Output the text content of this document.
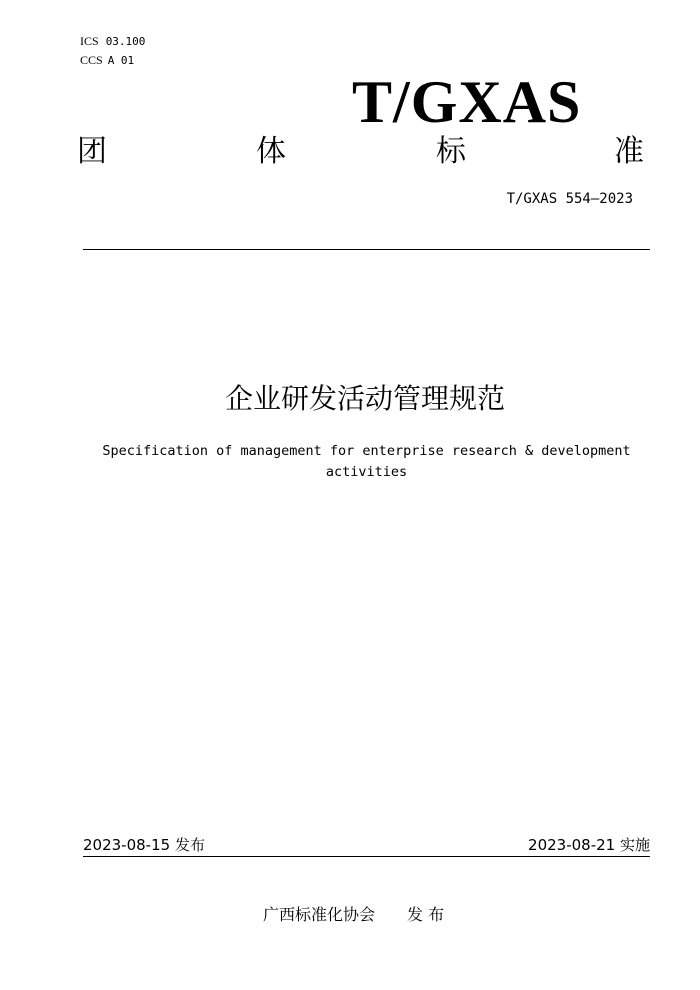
ICS 03.100
CCS A 01
T/GXAS
团	体	标	准
T/GXAS 554—2023
企业研发活动管理规范
Specification of management for enterprise research & development activities
2023-08-15 发布	2023-08-21 实施
广西标准化协会　　发 布
